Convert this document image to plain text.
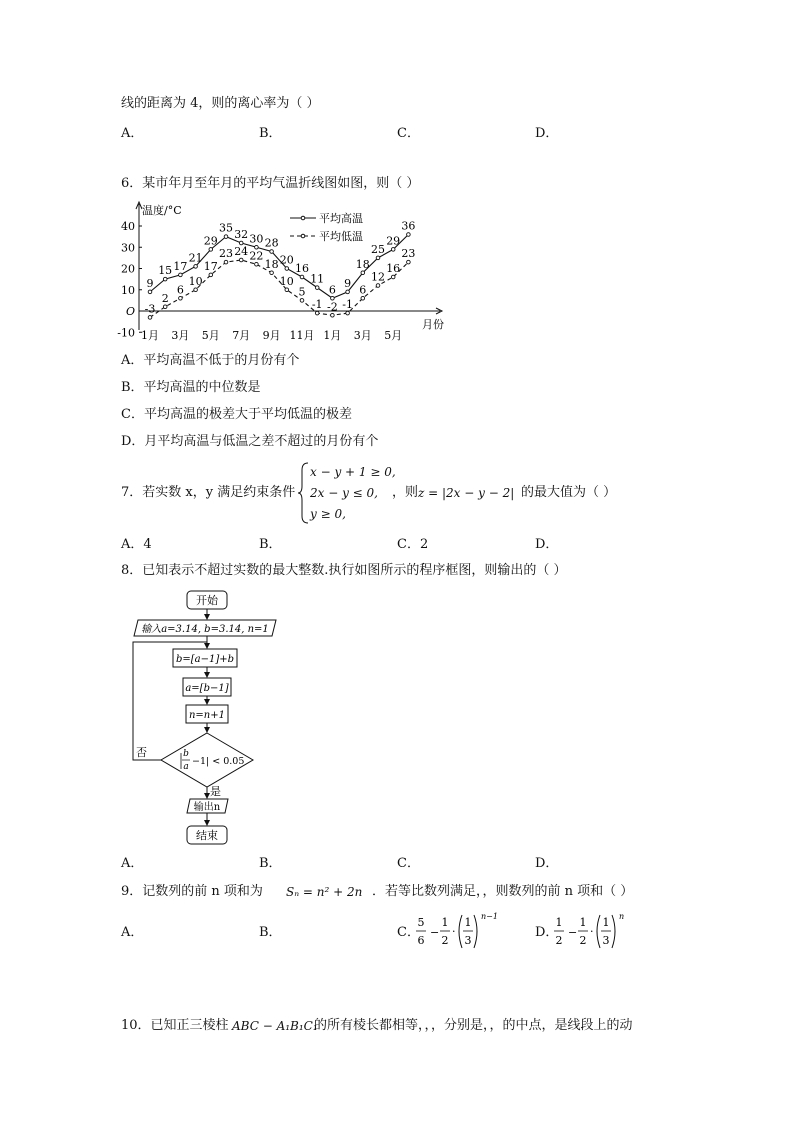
线的距离为 4，则的离心率为（ ）
A．	B．	C．	D．
6．某市年月至年月的平均气温折线图如图，则（ ）
温度/°C
月份
40
30
20
10
O
-10 1月 3月 5月 7月 9月 11月 1月 3月 5月
-3
2
6
10
17
23 24 22
18
10
5
-1 -2 -1
6
12
16
23
9
15 17
21
29
35 32 30 28
20
16
11
6 9
18
25
29
36
平均高温
平均低温
A．平均高温不低于的月份有个
B．平均高温的中位数是
C．平均高温的极差大于平均低温的极差
D．月平均高温与低温之差不超过的月份有个
7．若实数 x，y 满足约束条件
x − y + 1 ≥ 0,
2x − y ≤ 0,
y ≥ 0,
，则 z = |2x − y − 2| 的最大值为（ ）
A．4	B．	C．2	D．
8．已知表示不超过实数的最大整数.执行如图所示的程序框图，则输出的（ ）
开始
输入a=3.14, b=3.14, n=1
b=[a−1]+b
a=[b−1]
n=n+1
b
a −1| < 0.05
否
是
输出n
结束
A．	B．	C．	D．
9．记数列的前 n 项和为 Sₙ = n² + 2n ．若等比数列满足，，则数列的前 n 项和（ ）
A．	B．	C．
5
6
−
1
2
·
1
3
n−1
D．
1
2
−
1
2
·
1
3
n
10．已知正三棱柱 ABC − A₁B₁C₁
的所有棱长都相等，，，分别是，，的中点，是线段上的动
